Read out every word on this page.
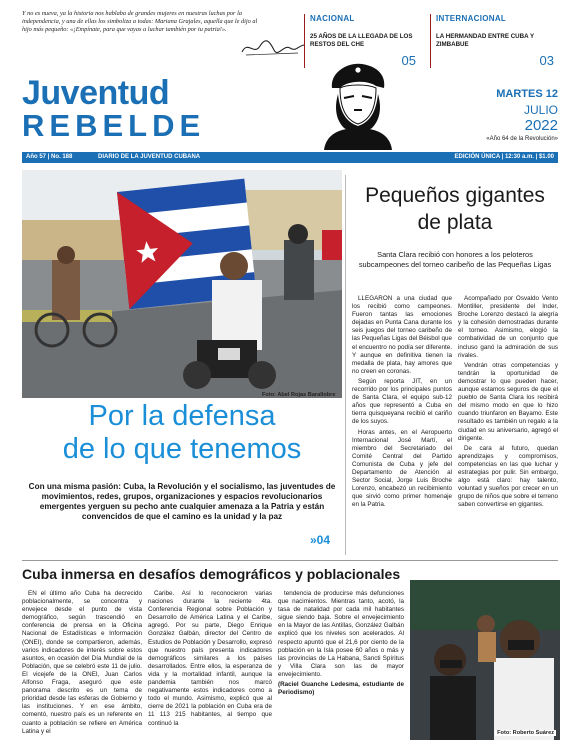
Y no es nueva, ya la historia nos hablaba de grandes mujeres en nuestras luchas por la independencia, y una de ellas los simboliza a todas: Mariana Grajales, aquella que le dijo al hijo más pequeño: «¡Empínate, para que vayas a luchar también por tu patria!».
NACIONAL
25 AÑOS DE LA LLEGADA DE LOS RESTOS DEL CHE
05
INTERNACIONAL
LA HERMANDAD ENTRE CUBA Y ZIMBABUE
03
Juventud
REBELDE
MARTES 12
JULIO
2022
«Año 64 de la Revolución»
Año 57 | No. 188	DIARIO DE LA JUVENTUD CUBANA	EDICIÓN ÚNICA | 12:30 a.m. | $1.00
Foto: Abel Rojas Barallobre
Pequeños gigantes
de plata
Santa Clara recibió con honores a los peloteros subcampeones del torneo caribeño de las Pequeñas Ligas

LLEGARON a una ciudad que los recibió como campeones. Fueron tantas las emociones dejadas en Punta Cana durante los seis juegos del torneo caribeño de las Pequeñas Ligas del Béisbol que el encuentro no podía ser diferente. Y aunque en definitiva tienen la medalla de plata, hay amores que no creen en coronas.

Según reporta JIT, en un recorrido por los principales puntos de Santa Clara, el equipo sub-12 años que representó a Cuba en tierra quisqueyana recibió el cariño de los suyos.

Horas antes, en el Aeropuerto Internacional José Martí, el miembro del Secretariado del Comité Central del Partido Comunista de Cuba y jefe del Departamento de Atención al Sector Social, Jorge Luis Broche Lorenzo, encabezó un recibimiento que sirvió como primer homenaje en la Patria.

Acompañado por Osvaldo Vento Montiller, presidente del Inder, Broche Lorenzo destacó la alegría y la cohesión demostradas durante el torneo. Asimismo, elogió la combatividad de un conjunto que incluso ganó la admiración de sus rivales.

Vendrán otras competencias y tendrán la oportunidad de demostrar lo que pueden hacer, aunque estamos seguros de que el pueblo de Santa Clara los recibirá del mismo modo en que lo hizo cuando triunfaron en Bayamo. Este resultado es también un regalo a la ciudad en su aniversario, agregó el dirigente.

De cara al futuro, quedan aprendizajes y compromisos, competencias en las que luchar y estrategias por pulir. Sin embargo, algo está claro: hay talento, voluntad y sueños por crecer en un grupo de niños que sobre el terreno saben convertirse en gigantes.

Por la defensa
de lo que tenemos
Con una misma pasión: Cuba, la Revolución y el socialismo, las juventudes de movimientos, redes, grupos, organizaciones y espacios revolucionarios emergentes yerguen su pecho ante cualquier amenaza a la Patria y están convencidos de que el camino es la unidad y la paz
»04
Cuba inmersa en desafíos demográficos y poblacionales

EN el último año Cuba ha decrecido poblacionalmente, se concentra y envejece desde el punto de vista demográfico, según trascendió en conferencia de prensa en la Oficina Nacional de Estadísticas e Información (ONEI), donde se compartieron, además, varios indicadores de interés sobre estos asuntos, en ocasión del Día Mundial de la Población, que se celebró este 11 de julio. El vicejefe de la ONEI, Juan Carlos Alfonso Fraga, aseguró que este panorama descrito es un tema de prioridad desde las esferas de Gobierno y las instituciones. Y en ese ámbito, comentó, nuestro país es un referente en cuanto a población se refiere en América Latina y el

Caribe. Así lo reconocieron varias naciones durante la reciente 4ta. Conferencia Regional sobre Población y Desarrollo de América Latina y el Caribe, agregó. Por su parte, Diego Enrique González Galbán, director del Centro de Estudios de Población y Desarrollo, expresó que nuestro país presenta indicadores demográficos similares a los países desarrollados. Entre ellos, la esperanza de vida y la mortalidad infantil, aunque la pandemia también nos marcó negativamente estos indicadores como a todo el mundo. Asimismo, explicó que al cierre de 2021 la población en Cuba era de 11 113 215 habitantes, al tiempo que continuó la

tendencia de producirse más defunciones que nacimientos. Mientras tanto, acotó, la tasa de natalidad por cada mil habitantes sigue siendo baja. Sobre el envejecimiento en la Mayor de las Antillas, González Galbán explicó que los niveles son acelerados. Al respecto apuntó que el 21,6 por ciento de la población en la Isla posee 60 años o más y las provincias de La Habana, Sancti Spíritus y Villa Clara son las de mayor envejecimiento.

(Raciel Guanche Ledesma, estudiante de Periodismo)

Foto: Roberto Suárez
